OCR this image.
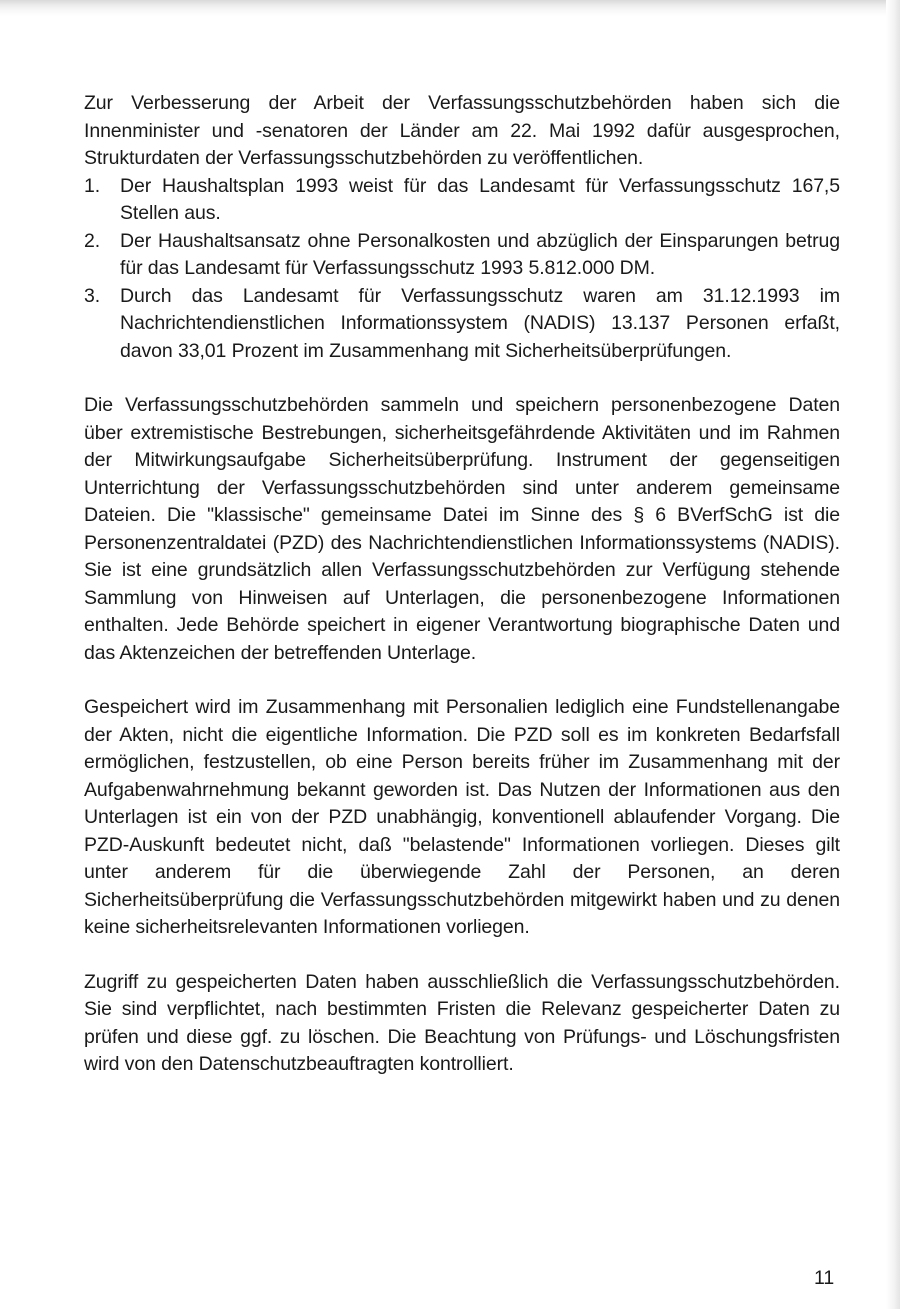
Zur Verbesserung der Arbeit der Verfassungsschutzbehörden haben sich die Innenminister und -senatoren der Länder am 22. Mai 1992 dafür ausgesprochen, Strukturdaten der Verfassungsschutzbehörden zu veröffentlichen.

1.	Der Haushaltsplan 1993 weist für das Landesamt für Verfassungsschutz 167,5 Stellen aus.
2.	Der Haushaltsansatz ohne Personalkosten und abzüglich der Einsparungen betrug für das Landesamt für Verfassungsschutz 1993 5.812.000 DM.
3.	Durch das Landesamt für Verfassungsschutz waren am 31.12.1993 im Nachrichtendienstlichen Informationssystem (NADIS) 13.137 Personen erfaßt, davon 33,01 Prozent im Zusammenhang mit Sicherheitsüberprüfungen.

Die Verfassungsschutzbehörden sammeln und speichern personenbezogene Daten über extremistische Bestrebungen, sicherheitsgefährdende Aktivitäten und im Rahmen der Mitwirkungsaufgabe Sicherheitsüberprüfung. Instrument der gegenseitigen Unterrichtung der Verfassungsschutzbehörden sind unter anderem gemeinsame Dateien. Die "klassische" gemeinsame Datei im Sinne des § 6 BVerfSchG ist die Personenzentraldatei (PZD) des Nachrichtendienstlichen Informationssystems (NADIS). Sie ist eine grundsätzlich allen Verfassungsschutzbehörden zur Verfügung stehende Sammlung von Hinweisen auf Unterlagen, die personenbezogene Informationen enthalten. Jede Behörde speichert in eigener Verantwortung biographische Daten und das Aktenzeichen der betreffenden Unterlage.

Gespeichert wird im Zusammenhang mit Personalien lediglich eine Fundstellenangabe der Akten, nicht die eigentliche Information. Die PZD soll es im konkreten Bedarfsfall ermöglichen, festzustellen, ob eine Person bereits früher im Zusammenhang mit der Aufgabenwahrnehmung bekannt geworden ist. Das Nutzen der Informationen aus den Unterlagen ist ein von der PZD unabhängig, konventionell ablaufender Vorgang. Die PZD-Auskunft bedeutet nicht, daß "belastende" Informationen vorliegen. Dieses gilt unter anderem für die überwiegende Zahl der Personen, an deren Sicherheitsüberprüfung die Verfassungsschutzbehörden mitgewirkt haben und zu denen keine sicherheitsrelevanten Informationen vorliegen.

Zugriff zu gespeicherten Daten haben ausschließlich die Verfassungsschutzbehörden. Sie sind verpflichtet, nach bestimmten Fristen die Relevanz gespeicherter Daten zu prüfen und diese ggf. zu löschen. Die Beachtung von Prüfungs- und Löschungsfristen wird von den Datenschutzbeauftragten kontrolliert.

11
